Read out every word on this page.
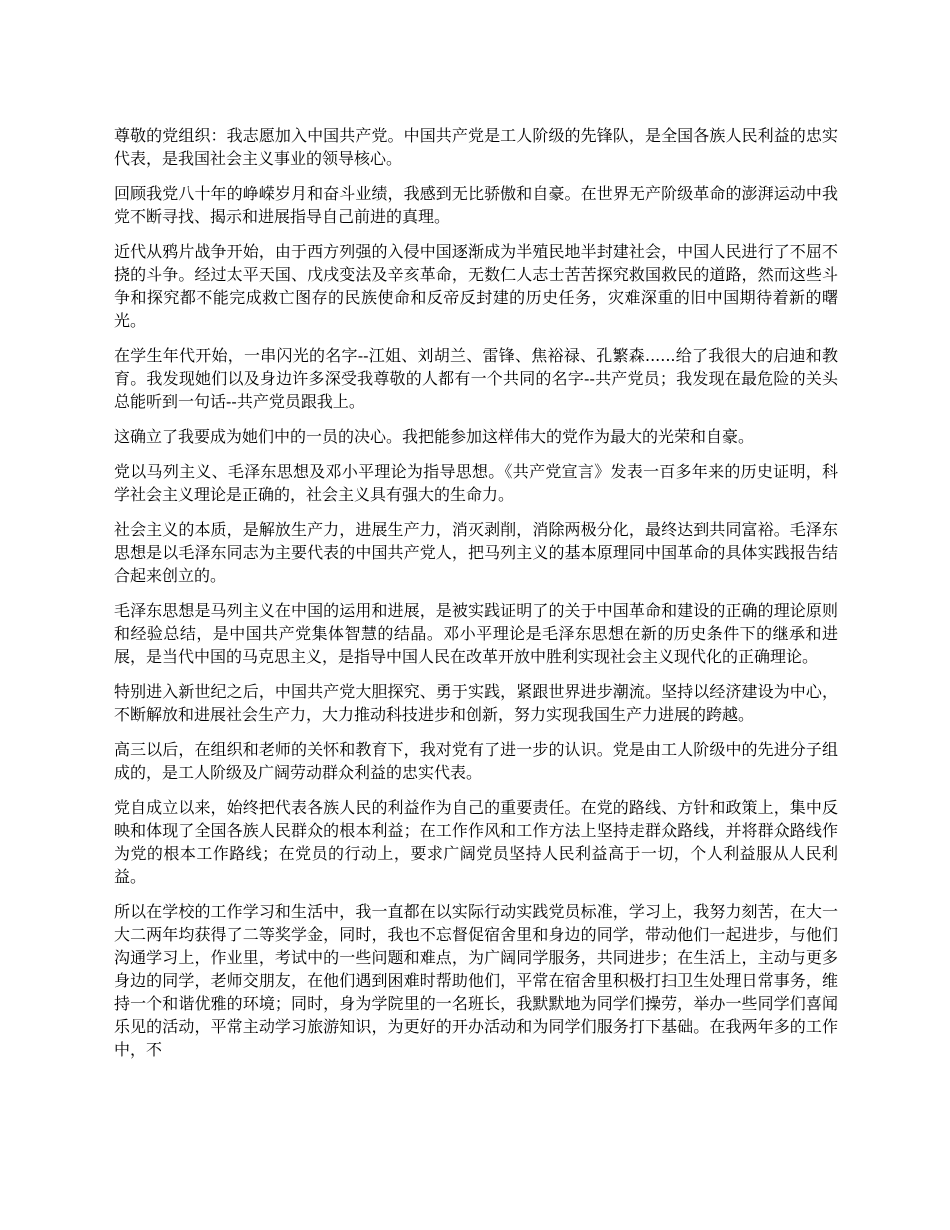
尊敬的党组织：我志愿加入中国共产党。中国共产党是工人阶级的先锋队，是全国各族人民利益的忠实代表，是我国社会主义事业的领导核心。

回顾我党八十年的峥嵘岁月和奋斗业绩，我感到无比骄傲和自豪。在世界无产阶级革命的澎湃运动中我党不断寻找、揭示和进展指导自己前进的真理。

近代从鸦片战争开始，由于西方列强的入侵中国逐渐成为半殖民地半封建社会，中国人民进行了不屈不挠的斗争。经过太平天国、戊戌变法及辛亥革命，无数仁人志士苦苦探究救国救民的道路，然而这些斗争和探究都不能完成救亡图存的民族使命和反帝反封建的历史任务，灾难深重的旧中国期待着新的曙光。

在学生年代开始，一串闪光的名字--江姐、刘胡兰、雷锋、焦裕禄、孔繁森......给了我很大的启迪和教育。我发现她们以及身边许多深受我尊敬的人都有一个共同的名字--共产党员；我发现在最危险的关头总能听到一句话--共产党员跟我上。

这确立了我要成为她们中的一员的决心。我把能参加这样伟大的党作为最大的光荣和自豪。

党以马列主义、毛泽东思想及邓小平理论为指导思想。《共产党宣言》发表一百多年来的历史证明，科学社会主义理论是正确的，社会主义具有强大的生命力。

社会主义的本质，是解放生产力，进展生产力，消灭剥削，消除两极分化，最终达到共同富裕。毛泽东思想是以毛泽东同志为主要代表的中国共产党人，把马列主义的基本原理同中国革命的具体实践报告结合起来创立的。

毛泽东思想是马列主义在中国的运用和进展，是被实践证明了的关于中国革命和建设的正确的理论原则和经验总结，是中国共产党集体智慧的结晶。邓小平理论是毛泽东思想在新的历史条件下的继承和进展，是当代中国的马克思主义，是指导中国人民在改革开放中胜利实现社会主义现代化的正确理论。

特别进入新世纪之后，中国共产党大胆探究、勇于实践，紧跟世界进步潮流。坚持以经济建设为中心，不断解放和进展社会生产力，大力推动科技进步和创新，努力实现我国生产力进展的跨越。

高三以后，在组织和老师的关怀和教育下，我对党有了进一步的认识。党是由工人阶级中的先进分子组成的，是工人阶级及广阔劳动群众利益的忠实代表。

党自成立以来，始终把代表各族人民的利益作为自己的重要责任。在党的路线、方针和政策上，集中反映和体现了全国各族人民群众的根本利益；在工作作风和工作方法上坚持走群众路线，并将群众路线作为党的根本工作路线；在党员的行动上，要求广阔党员坚持人民利益高于一切，个人利益服从人民利益。

所以在学校的工作学习和生活中，我一直都在以实际行动实践党员标准，学习上，我努力刻苦，在大一大二两年均获得了二等奖学金，同时，我也不忘督促宿舍里和身边的同学，带动他们一起进步，与他们沟通学习上，作业里，考试中的一些问题和难点，为广阔同学服务，共同进步；在生活上，主动与更多身边的同学，老师交朋友，在他们遇到困难时帮助他们，平常在宿舍里积极打扫卫生处理日常事务，维持一个和谐优雅的环境；同时，身为学院里的一名班长，我默默地为同学们操劳，举办一些同学们喜闻乐见的活动，平常主动学习旅游知识，为更好的开办活动和为同学们服务打下基础。在我两年多的工作中，不
